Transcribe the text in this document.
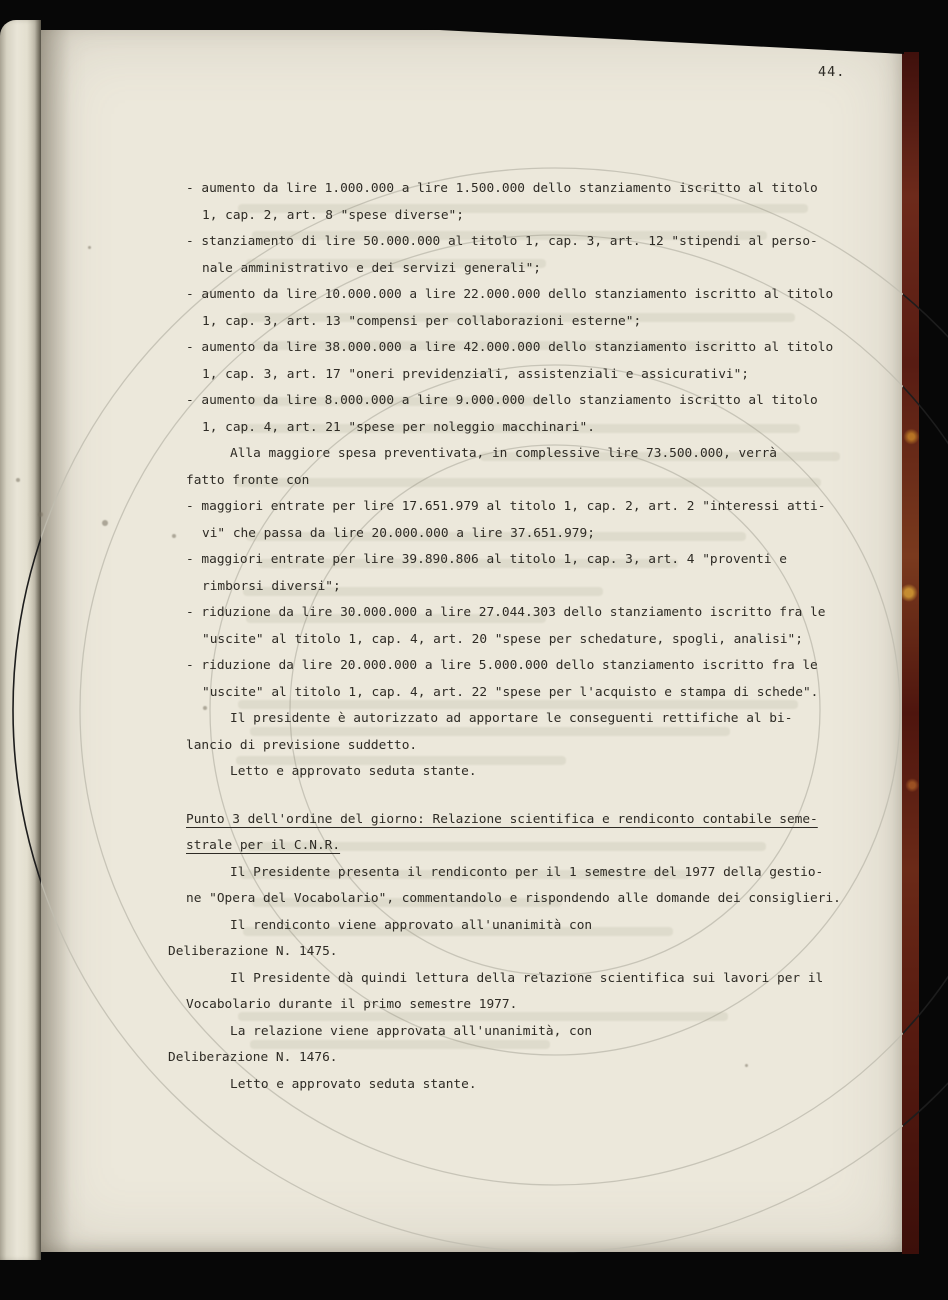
44.
- aumento da lire 1.000.000 a lire 1.500.000 dello stanziamento iscritto al titolo
1, cap. 2, art. 8 "spese diverse";
- stanziamento di lire 50.000.000 al titolo 1, cap. 3, art. 12 "stipendi al perso-
nale amministrativo e dei servizi generali";
- aumento da lire 10.000.000 a lire 22.000.000 dello stanziamento iscritto al titolo
1, cap. 3, art. 13 "compensi per collaborazioni esterne";
- aumento da lire 38.000.000 a lire 42.000.000 dello stanziamento iscritto al titolo
1, cap. 3, art. 17 "oneri previdenziali, assistenziali e assicurativi";
- aumento da lire 8.000.000 a lire 9.000.000 dello stanziamento iscritto al titolo
1, cap. 4, art. 21 "spese per noleggio macchinari".
Alla maggiore spesa preventivata, in complessive lire 73.500.000, verrà
fatto fronte con
- maggiori entrate per lire 17.651.979 al titolo 1, cap. 2, art. 2 "interessi atti-
vi" che passa da lire 20.000.000 a lire 37.651.979;
- maggiori entrate per lire 39.890.806 al titolo 1, cap. 3, art. 4 "proventi e
rimborsi diversi";
- riduzione da lire 30.000.000 a lire 27.044.303 dello stanziamento iscritto fra le
"uscite" al titolo 1, cap. 4, art. 20 "spese per schedature, spogli, analisi";
- riduzione da lire 20.000.000 a lire 5.000.000 dello stanziamento iscritto fra le
"uscite" al titolo 1, cap. 4, art. 22 "spese per l'acquisto e stampa di schede".
Il presidente è autorizzato ad apportare le conseguenti rettifiche al bi-
lancio di previsione suddetto.
Letto e approvato seduta stante.
Punto 3 dell'ordine del giorno: Relazione scientifica e rendiconto contabile seme-
strale per il C.N.R.
Il Presidente presenta il rendiconto per il 1 semestre del 1977 della gestio-
ne "Opera del Vocabolario", commentandolo e rispondendo alle domande dei consiglieri.
Il rendiconto viene approvato all'unanimità con
Deliberazione N. 1475.
Il Presidente dà quindi lettura della relazione scientifica sui lavori per il
Vocabolario durante il primo semestre 1977.
La relazione viene approvata all'unanimità, con
Deliberazione N. 1476.
Letto e approvato seduta stante.
